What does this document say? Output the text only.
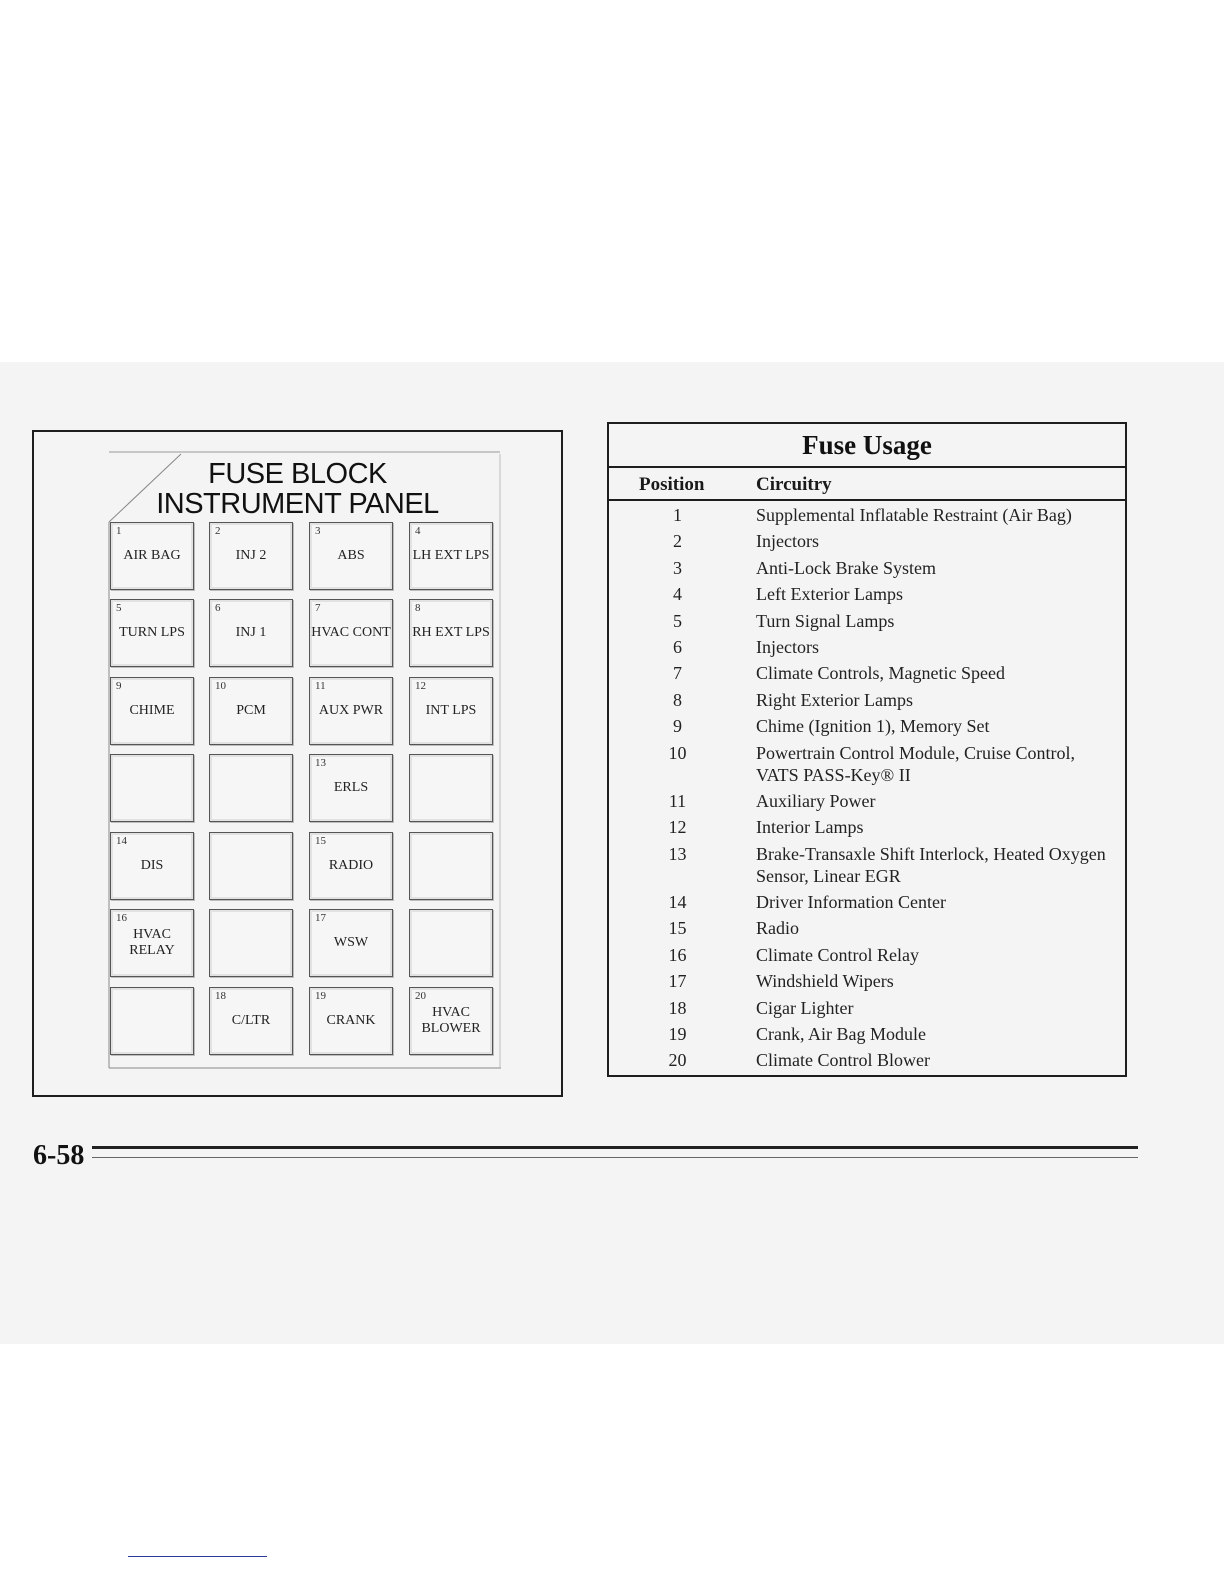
FUSE BLOCK
INSTRUMENT PANEL
1
AIR BAG
2
INJ 2
3
ABS
4
LH EXT LPS
5
TURN LPS
6
INJ 1
7
HVAC CONT
8
RH EXT LPS
9
CHIME
10
PCM
11
AUX PWR
12
INT LPS
13
ERLS
14
DIS
15
RADIO
16
HVAC RELAY
17
WSW
18
C/LTR
19
CRANK
20
HVAC BLOWER
Fuse Usage
Position	Circuitry
1	Supplemental Inflatable Restraint (Air Bag)
2	Injectors
3	Anti-Lock Brake System
4	Left Exterior Lamps
5	Turn Signal Lamps
6	Injectors
7	Climate Controls, Magnetic Speed
8	Right Exterior Lamps
9	Chime (Ignition 1), Memory Set
10	Powertrain Control Module, Cruise Control, VATS PASS-Key® II
11	Auxiliary Power
12	Interior Lamps
13	Brake-Transaxle Shift Interlock, Heated Oxygen Sensor, Linear EGR
14	Driver Information Center
15	Radio
16	Climate Control Relay
17	Windshield Wipers
18	Cigar Lighter
19	Crank, Air Bag Module
20	Climate Control Blower
6-58
